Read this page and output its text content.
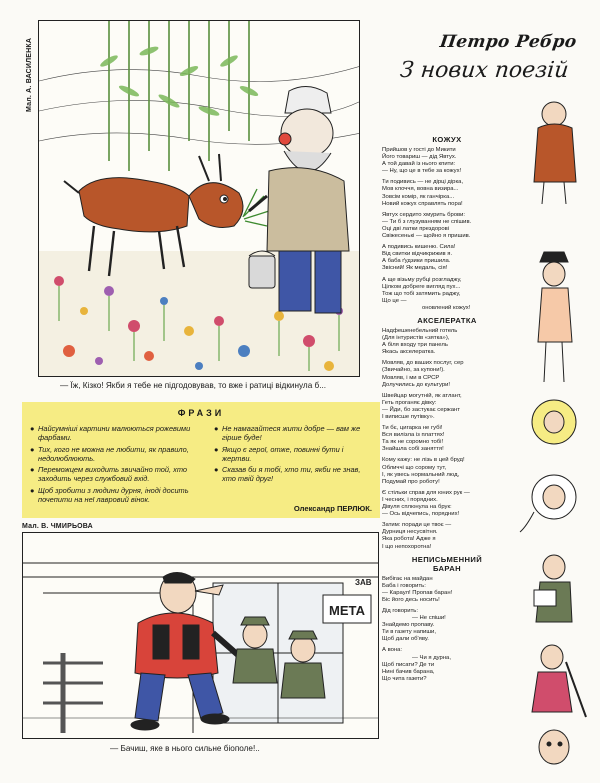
Мал. А. ВАСИЛЕНКА
— Їж, Кізко! Якби я тебе не підгодовував, то вже і ратиці відкинула б...
ФРАЗИ
● Найсумніші картини малюються рожевими фарбами.
● Тих, кого не можна не любити, як правило, недолюблюють.
● Переможцем виходить звичайно той, хто заходить через службовий вхід.
● Щоб зробити з людини дурня, іноді досить почепити на неї лавровий вінок.
● Не намагайтеся жити добре — вам же гірше буде!
● Якщо є герої, отже, повинні бути і жертви.
● Сказав би я тобі, хто ти, якби не знав, хто твій друг!
Олександр ПЕРЛЮК.
Мал. В. ЧМИРЬОВА
МЕТА
ЗАВ
— Бачиш, яке в нього сильне біополе!..
Петро Ребро
З нових поезій
КОЖУХ
Прийшов у гості до Микити
Його товариш — дід Явтух.
А той давай із нього кпити:
— Ну, що це в тебе за кожух!
Ти подивись — не дірці дірка,
Мов клоччя, вовна визира...
Зовсім комір, як ганчірка...
Новий кожух справлять пора!
Явтух сердито хмурить брови:
— Ти б з глузуванням не спішив.
Оці дві латки прездорові
Свіжесенькі — щойно я пришив.
А подивись кишеню. Сила!
Від свитки відчикрижив я.
А баба ґудзики пришила.
Звісний! Як медаль, сія!
А ще візьму рубці розгладжу,
Цілком добреге вигляд пух...
Тож що тобі затямить раджу,
Що це —
оновлений кожух!
АКСЕЛЕРАТКА
Надфешенебельний готель
(Для інтуристів «зятка»),
А біля входу три панель
Якась акселератка.
Мовляв, до ваших послуг, сер
(Звичайно, за купони!).
Мовляв, і ми в СРСР
Долучились до культури!
Швейцар могутній, як атлант,
Геть проганяє дівку:
— Йди, бо застукає сержант
І виписше путівку».
Ти бє, цигарка не губі!
Вся вилізла із платтях!
Та як не соромно тобі!
Знайшла собі заняття!
Кому кажу: не лізь в цей бруд!
Обличчі що сорому тут,
І, як увесь нормальний люд,
Подумай про роботу!
Є стільки справ для юних рук —
І чесних, і порядних.
Дівуля сплюнула на брук:
— Ось відчепись, порядних!
Затим: поради це твоє —
Дурниця несусвітня.
Яка робота! Адже я
І що непохоротна!
НЕПИСЬМЕННИЙ БАРАН
Вибігає на майдан
Баба і говорить:
— Караул! Пропав баран!
Біс його десь носить!
Дід говорить:
— Не спіши!
Знайдемо пропаву.
Ти в газету напиши,
Щоб дали об'яву.
А вона:
— Чи я дурна,
Щоб писати? Де ти
Нині бачив барана,
Що чита газети?
